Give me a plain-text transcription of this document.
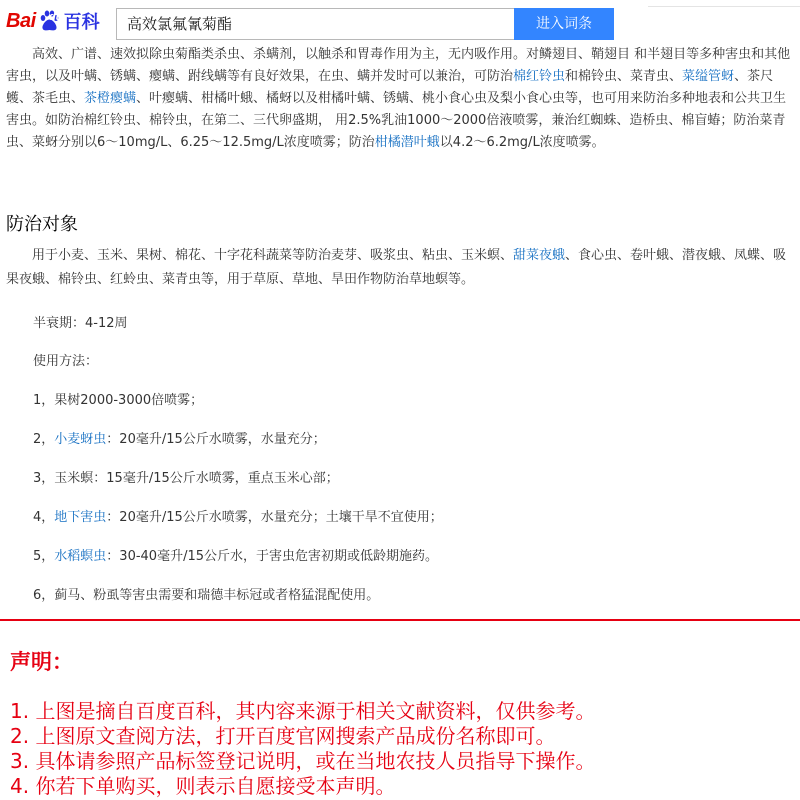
Bai du 百科	高效氯氟氰菊酯	进入词条

高效、广谱、速效拟除虫菊酯类杀虫、杀螨剂，以触杀和胃毒作用为主，无内吸作用。对鳞翅目、鞘翅目 和半翅目等多种害虫和其他害虫，以及叶螨、锈螨、瘿螨、跗线螨等有良好效果，在虫、螨并发时可以兼治，可防治棉红铃虫和棉铃虫、菜青虫、菜缢管蚜、茶尺蠖、茶毛虫、茶橙瘿螨、叶瘿螨、柑橘叶蛾、橘蚜以及柑橘叶螨、锈螨、桃小食心虫及梨小食心虫等，也可用来防治多种地表和公共卫生害虫。如防治棉红铃虫、棉铃虫，在第二、三代卵盛期， 用2.5%乳油1000～2000倍液喷雾，兼治红蜘蛛、造桥虫、棉盲蝽；防治菜青虫、菜蚜分别以6～10mg/L、6.25～12.5mg/L浓度喷雾；防治柑橘潜叶蛾以4.2～6.2mg/L浓度喷雾。

防治对象

用于小麦、玉米、果树、棉花、十字花科蔬菜等防治麦芽、吸浆虫、粘虫、玉米螟、甜菜夜蛾、食心虫、卷叶蛾、潜夜蛾、凤蝶、吸果夜蛾、棉铃虫、红蛉虫、菜青虫等，用于草原、草地、旱田作物防治草地螟等。

半衰期：4-12周
使用方法：
1，果树2000-3000倍喷雾；
2，小麦蚜虫：20毫升/15公斤水喷雾，水量充分；
3，玉米螟：15毫升/15公斤水喷雾，重点玉米心部；
4，地下害虫：20毫升/15公斤水喷雾，水量充分；土壤干旱不宜使用；
5，水稻螟虫：30-40毫升/15公斤水，于害虫危害初期或低龄期施药。
6，蓟马、粉虱等害虫需要和瑞德丰标冠或者格猛混配使用。
声明：
1. 上图是摘自百度百科，其内容来源于相关文献资料，仅供参考。
2. 上图原文查阅方法，打开百度官网搜索产品成份名称即可。
3. 具体请参照产品标签登记说明，或在当地农技人员指导下操作。
4. 你若下单购买，则表示自愿接受本声明。
